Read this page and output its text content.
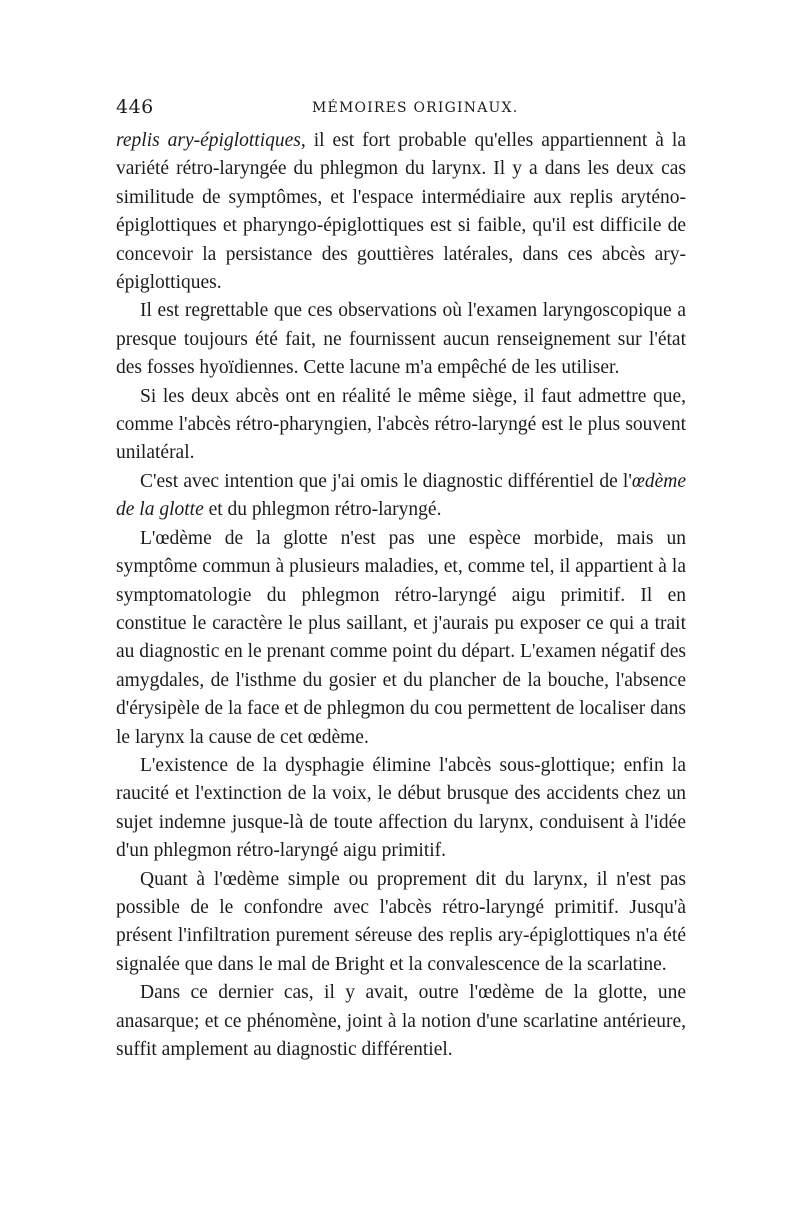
446	MÉMOIRES ORIGINAUX.

replis ary-épiglottiques, il est fort probable qu'elles appartiennent à la variété rétro-laryngée du phlegmon du larynx. Il y a dans les deux cas similitude de symptômes, et l'espace intermédiaire aux replis aryténo-épiglottiques et pharyngo-épiglottiques est si faible, qu'il est difficile de concevoir la persistance des gouttières latérales, dans ces abcès ary-épiglottiques.

Il est regrettable que ces observations où l'examen laryngoscopique a presque toujours été fait, ne fournissent aucun renseignement sur l'état des fosses hyoïdiennes. Cette lacune m'a empêché de les utiliser.

Si les deux abcès ont en réalité le même siège, il faut admettre que, comme l'abcès rétro-pharyngien, l'abcès rétro-laryngé est le plus souvent unilatéral.

C'est avec intention que j'ai omis le diagnostic différentiel de l'œdème de la glotte et du phlegmon rétro-laryngé.

L'œdème de la glotte n'est pas une espèce morbide, mais un symptôme commun à plusieurs maladies, et, comme tel, il appartient à la symptomatologie du phlegmon rétro-laryngé aigu primitif. Il en constitue le caractère le plus saillant, et j'aurais pu exposer ce qui a trait au diagnostic en le prenant comme point du départ. L'examen négatif des amygdales, de l'isthme du gosier et du plancher de la bouche, l'absence d'érysipèle de la face et de phlegmon du cou permettent de localiser dans le larynx la cause de cet œdème.

L'existence de la dysphagie élimine l'abcès sous-glottique; enfin la raucité et l'extinction de la voix, le début brusque des accidents chez un sujet indemne jusque-là de toute affection du larynx, conduisent à l'idée d'un phlegmon rétro-laryngé aigu primitif.

Quant à l'œdème simple ou proprement dit du larynx, il n'est pas possible de le confondre avec l'abcès rétro-laryngé primitif. Jusqu'à présent l'infiltration purement séreuse des replis ary-épiglottiques n'a été signalée que dans le mal de Bright et la convalescence de la scarlatine.

Dans ce dernier cas, il y avait, outre l'œdème de la glotte, une anasarque; et ce phénomène, joint à la notion d'une scarlatine antérieure, suffit amplement au diagnostic différentiel.
